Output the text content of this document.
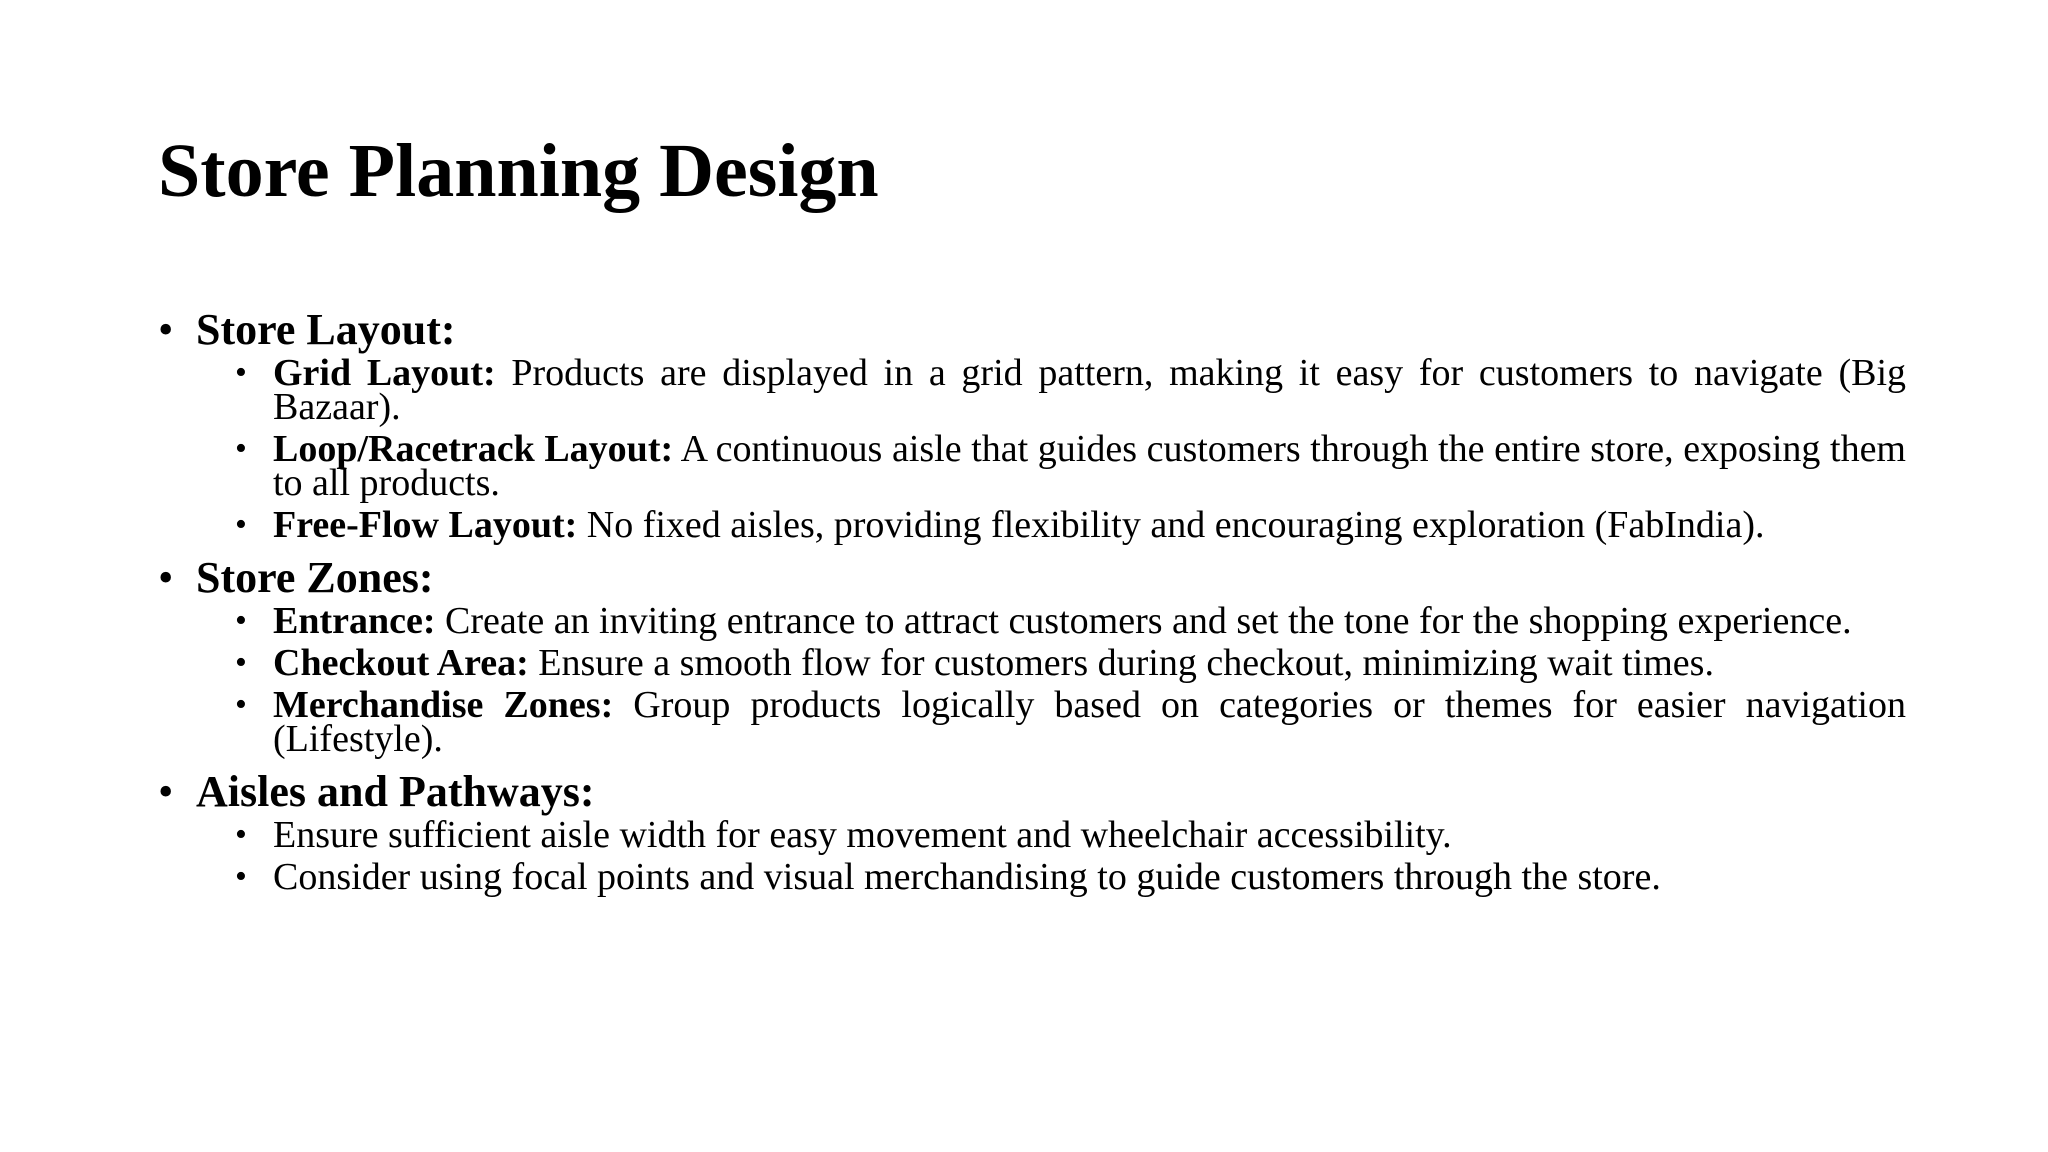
Store Planning Design
• Store Layout:
• Grid Layout: Products are displayed in a grid pattern, making it easy for customers to navigate (Big Bazaar).
• Loop/Racetrack Layout: A continuous aisle that guides customers through the entire store, exposing them to all products.
• Free-Flow Layout: No fixed aisles, providing flexibility and encouraging exploration (FabIndia).
• Store Zones:
• Entrance: Create an inviting entrance to attract customers and set the tone for the shopping experience.
• Checkout Area: Ensure a smooth flow for customers during checkout, minimizing wait times.
• Merchandise Zones: Group products logically based on categories or themes for easier navigation (Lifestyle).
• Aisles and Pathways:
• Ensure sufficient aisle width for easy movement and wheelchair accessibility.
• Consider using focal points and visual merchandising to guide customers through the store.
